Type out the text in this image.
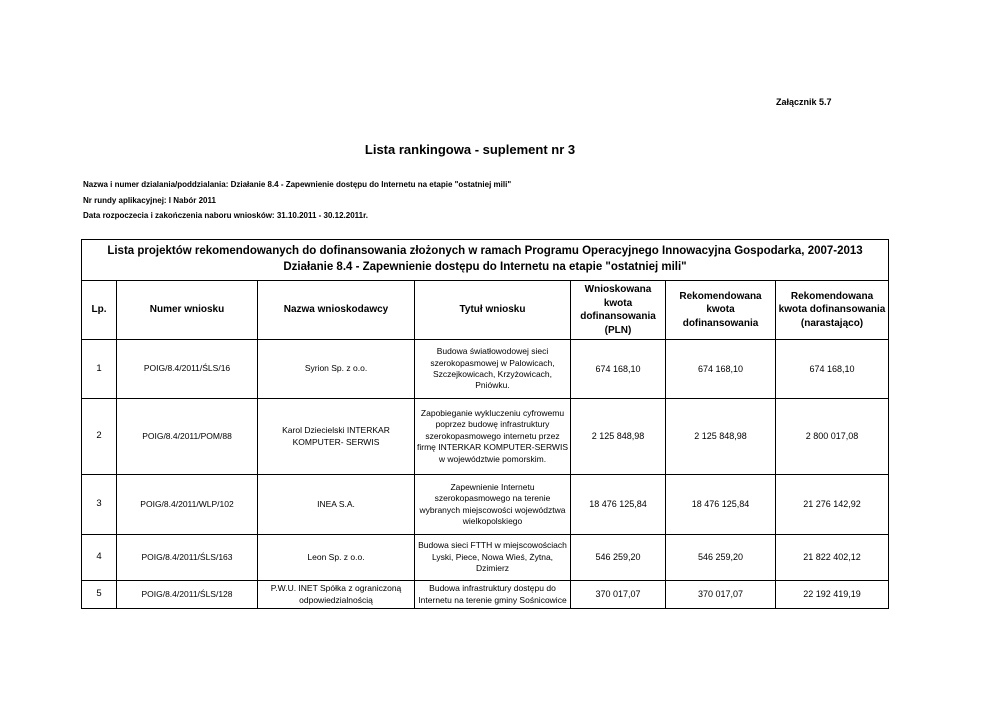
Załącznik 5.7
Lista rankingowa - suplement nr 3
Nazwa i numer dzialania/poddzialania: Działanie 8.4 - Zapewnienie dostępu do Internetu na etapie "ostatniej mili"
Nr rundy aplikacyjnej: I Nabór 2011
Data rozpoczecia i zakończenia naboru wniosków: 31.10.2011 - 30.12.2011r.
Lista projektów rekomendowanych do dofinansowania złożonych w ramach Programu Operacyjnego Innowacyjna Gospodarka, 2007-2013 Działanie 8.4 - Zapewnienie dostępu do Internetu na etapie "ostatniej mili"						
Lp.	Numer wniosku	Nazwa wnioskodawcy	Tytuł wniosku	Wnioskowana kwota dofinansowania (PLN)	Rekomendowana kwota dofinansowania	Rekomendowana kwota dofinansowania (narastająco)
1	POIG/8.4/2011/ŚLS/16	Syrion Sp. z o.o.	Budowa światłowodowej sieci szerokopasmowej w Palowicach, Szczejkowicach, Krzyżowicach, Pniówku.	674 168,10	674 168,10	674 168,10
2	POIG/8.4/2011/POM/88	Karol Dziecielski INTERKAR KOMPUTER- SERWIS	Zapobieganie wykluczeniu cyfrowemu poprzez budowę infrastruktury szerokopasmowego internetu przez firmę INTERKAR KOMPUTER-SERWIS w województwie pomorskim.	2 125 848,98	2 125 848,98	2 800 017,08
3	POIG/8.4/2011/WLP/102	INEA S.A.	Zapewnienie Internetu szerokopasmowego na terenie wybranych miejscowości województwa wielkopolskiego	18 476 125,84	18 476 125,84	21 276 142,92
4	POIG/8.4/2011/ŚLS/163	Leon Sp. z o.o.	Budowa sieci FTTH w miejscowościach Lyski, Piece, Nowa Wieś, Żytna, Dzimierz	546 259,20	546 259,20	21 822 402,12
5	POIG/8.4/2011/ŚLS/128	P.W.U. INET Spółka z ograniczoną odpowiedzialnością	Budowa infrastruktury dostępu do Internetu na terenie gminy Sośnicowice	370 017,07	370 017,07	22 192 419,19
